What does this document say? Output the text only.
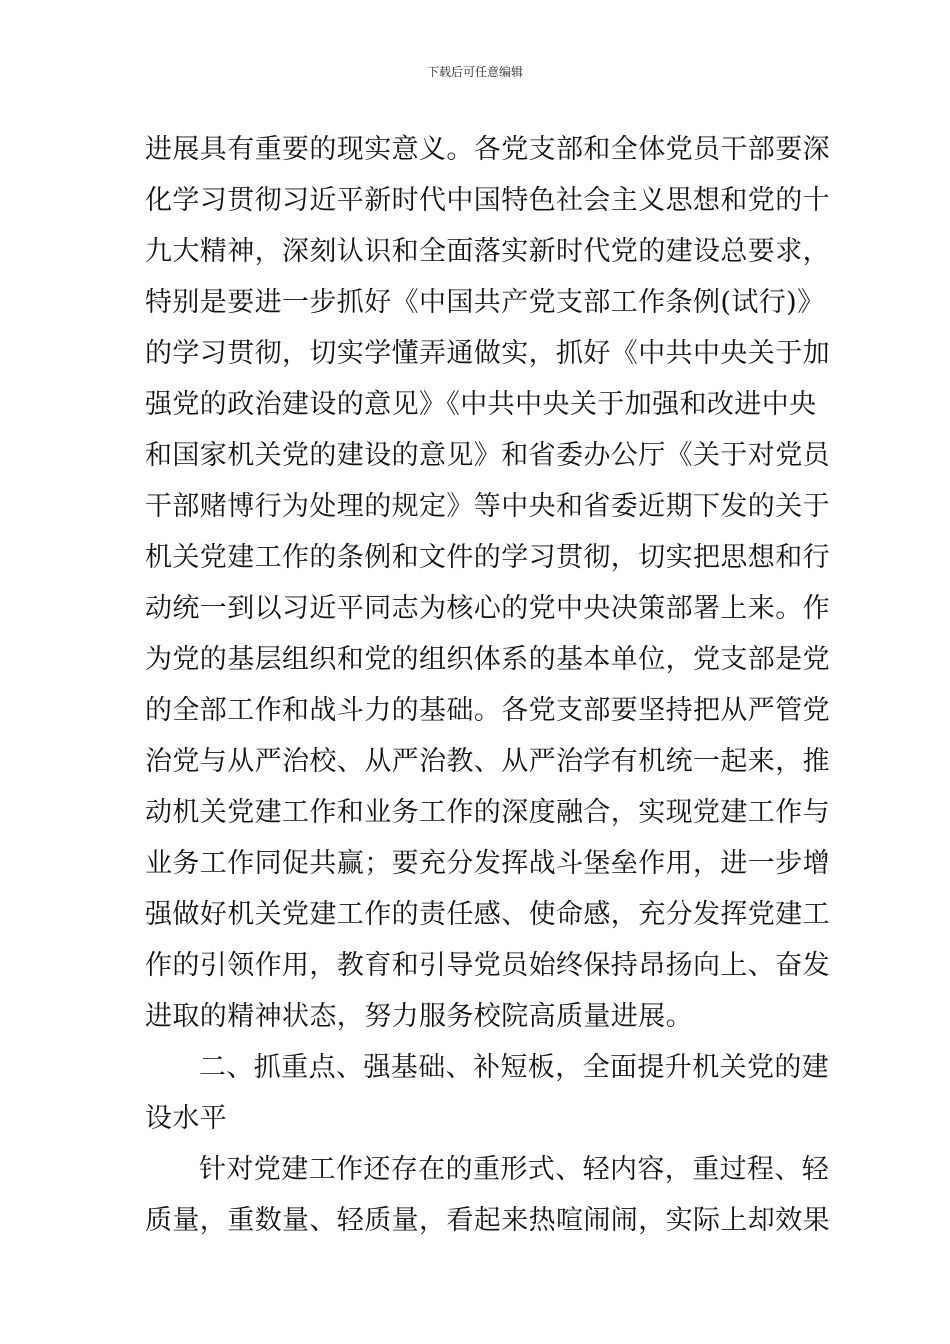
下载后可任意编辑
进展具有重要的现实意义。各党支部和全体党员干部要深
化学习贯彻习近平新时代中国特色社会主义思想和党的十
九大精神，深刻认识和全面落实新时代党的建设总要求，
特别是要进一步抓好《中国共产党支部工作条例(试行)》
的学习贯彻，切实学懂弄通做实，抓好《中共中央关于加
强党的政治建设的意见》《中共中央关于加强和改进中央
和国家机关党的建设的意见》和省委办公厅《关于对党员
干部赌博行为处理的规定》等中央和省委近期下发的关于
机关党建工作的条例和文件的学习贯彻，切实把思想和行
动统一到以习近平同志为核心的党中央决策部署上来。作
为党的基层组织和党的组织体系的基本单位，党支部是党
的全部工作和战斗力的基础。各党支部要坚持把从严管党
治党与从严治校、从严治教、从严治学有机统一起来，推
动机关党建工作和业务工作的深度融合，实现党建工作与
业务工作同促共赢；要充分发挥战斗堡垒作用，进一步增
强做好机关党建工作的责任感、使命感，充分发挥党建工
作的引领作用，教育和引导党员始终保持昂扬向上、奋发
进取的精神状态，努力服务校院高质量进展。
二、抓重点、强基础、补短板，全面提升机关党的建
设水平
针对党建工作还存在的重形式、轻内容，重过程、轻
质量，重数量、轻质量，看起来热喧闹闹，实际上却效果
